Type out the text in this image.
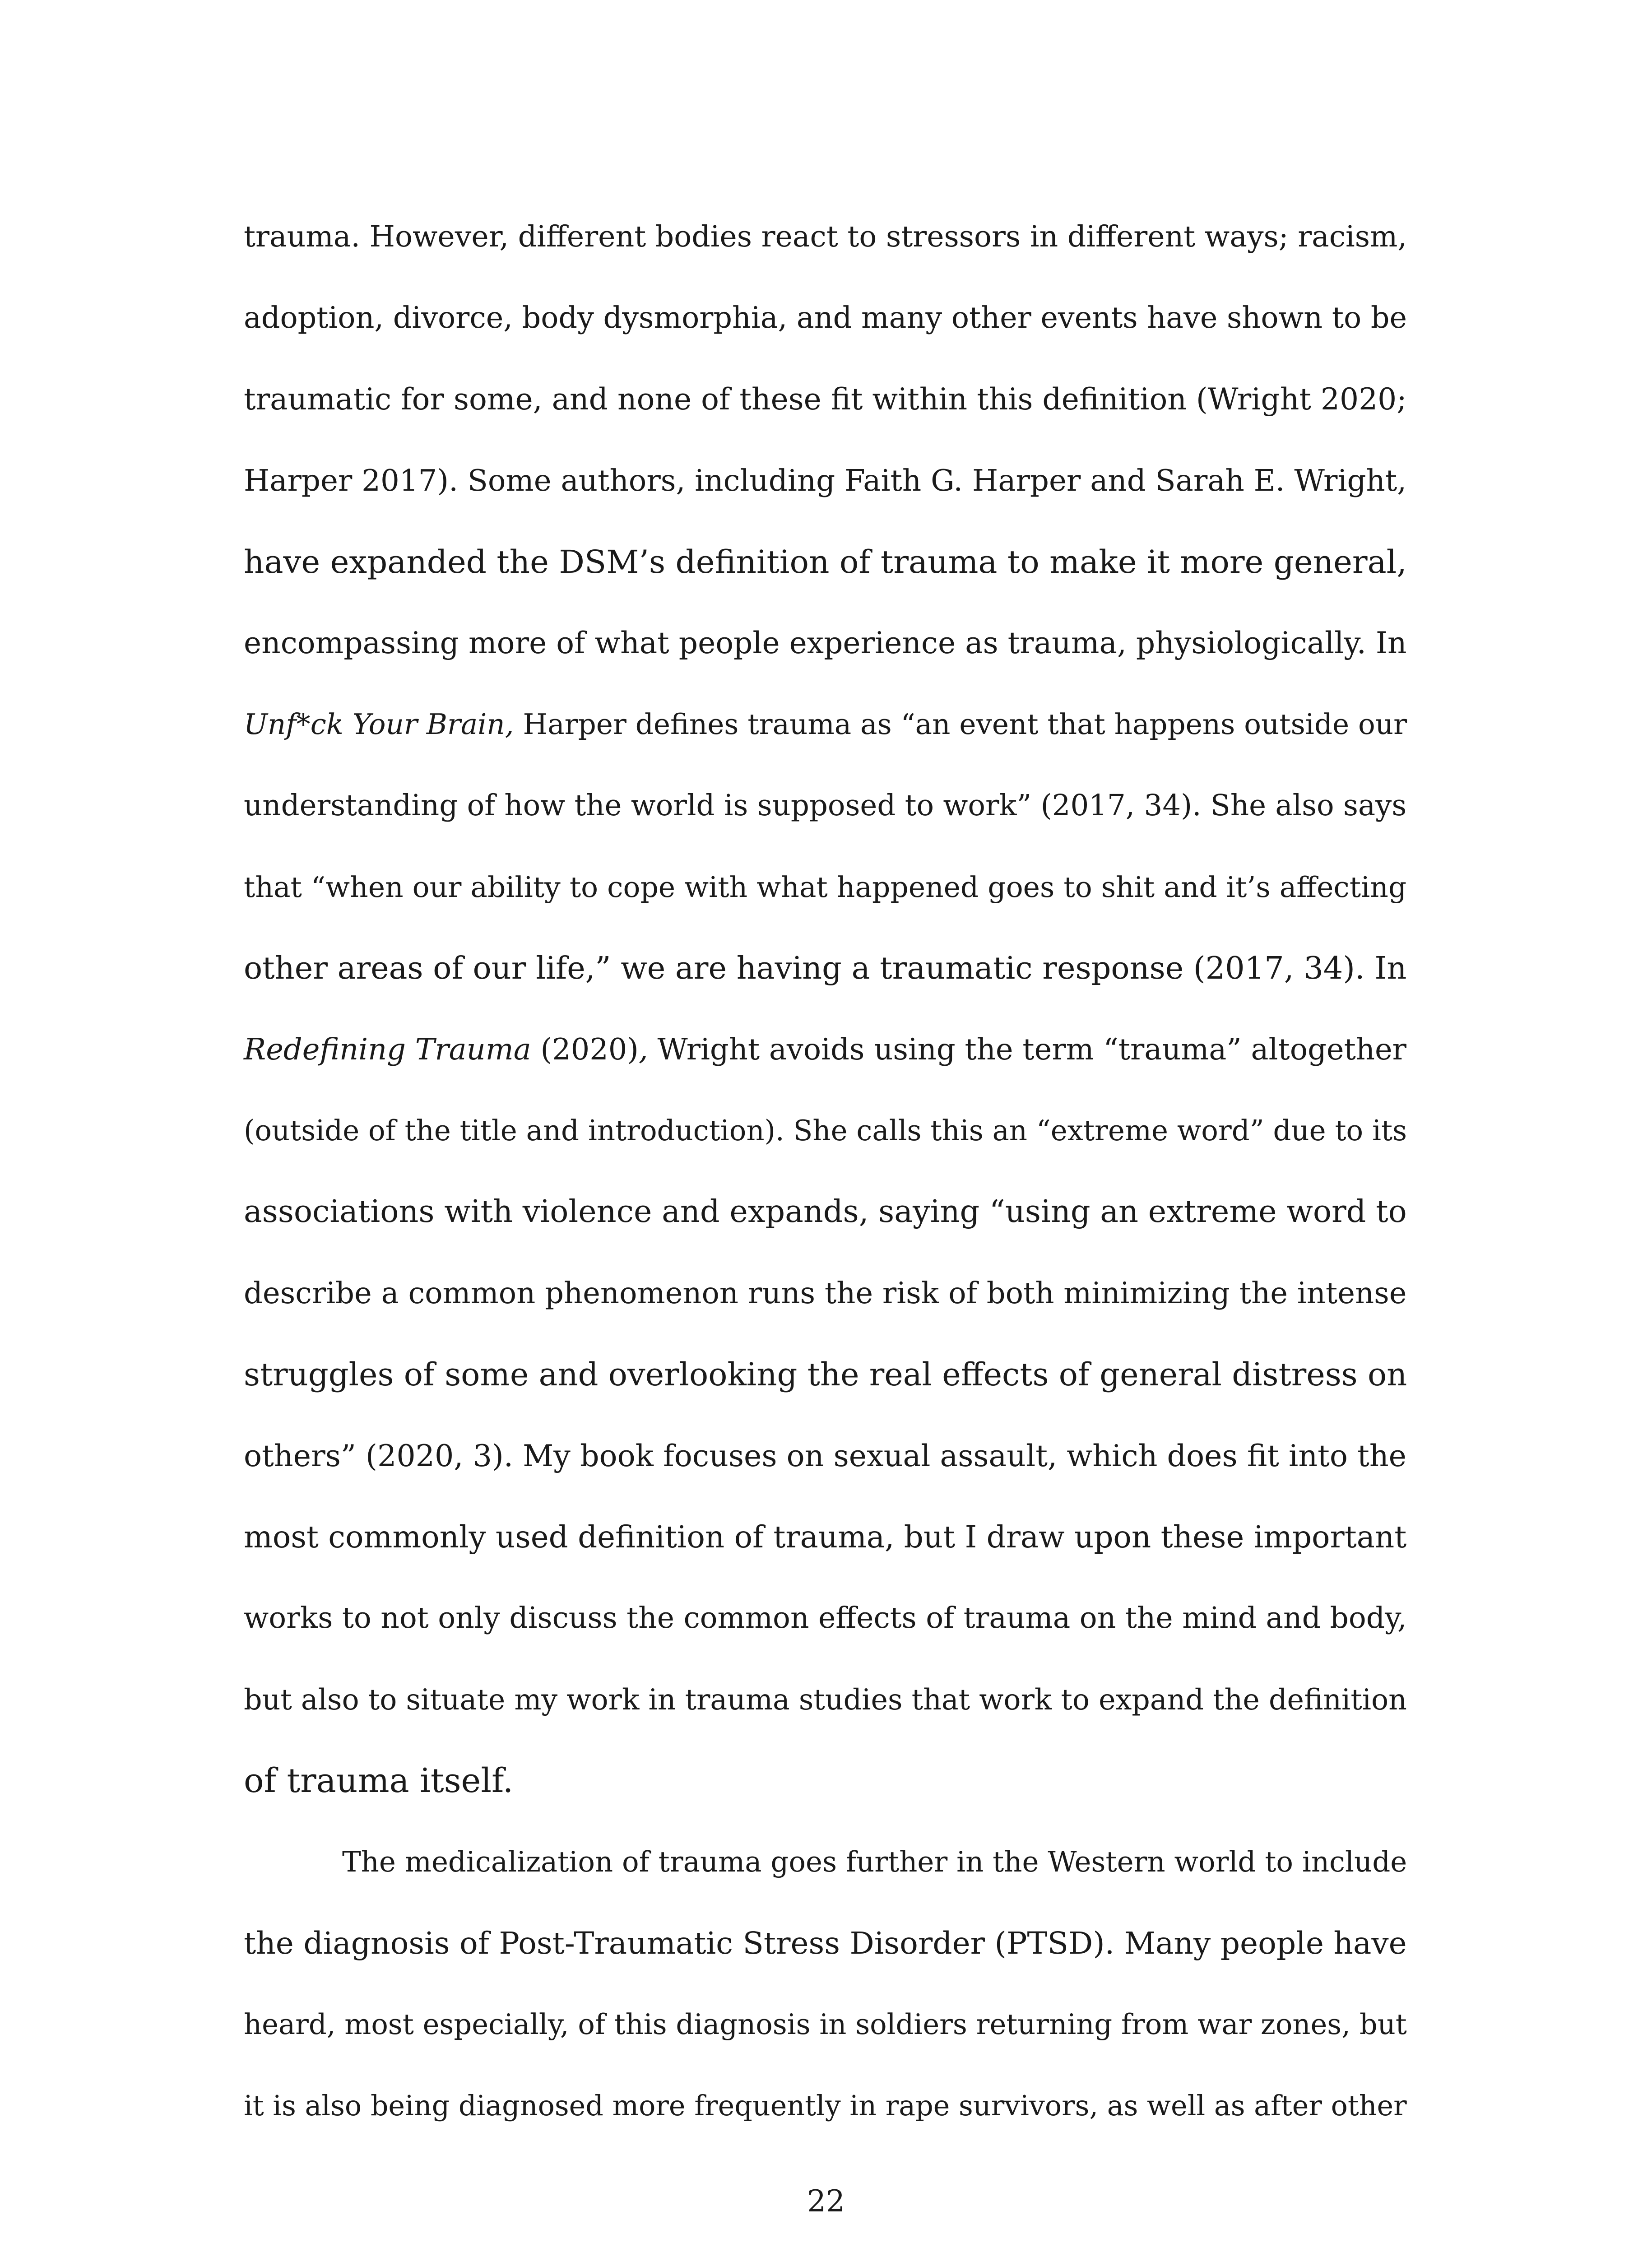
trauma. However, different bodies react to stressors in different ways; racism,

adoption, divorce, body dysmorphia, and many other events have shown to be

traumatic for some, and none of these fit within this definition (Wright 2020;

Harper 2017). Some authors, including Faith G. Harper and Sarah E. Wright,

have expanded the DSM’s definition of trauma to make it more general,

encompassing more of what people experience as trauma, physiologically. In

Unf*ck Your Brain, Harper defines trauma as “an event that happens outside our

understanding of how the world is supposed to work” (2017, 34). She also says

that “when our ability to cope with what happened goes to shit and it’s affecting

other areas of our life,” we are having a traumatic response (2017, 34). In

Redefining Trauma (2020), Wright avoids using the term “trauma” altogether

(outside of the title and introduction). She calls this an “extreme word” due to its

associations with violence and expands, saying “using an extreme word to

describe a common phenomenon runs the risk of both minimizing the intense

struggles of some and overlooking the real effects of general distress on

others” (2020, 3). My book focuses on sexual assault, which does fit into the

most commonly used definition of trauma, but I draw upon these important

works to not only discuss the common effects of trauma on the mind and body,

but also to situate my work in trauma studies that work to expand the definition

of trauma itself.

The medicalization of trauma goes further in the Western world to include

the diagnosis of Post-Traumatic Stress Disorder (PTSD). Many people have

heard, most especially, of this diagnosis in soldiers returning from war zones, but

it is also being diagnosed more frequently in rape survivors, as well as after other

22
